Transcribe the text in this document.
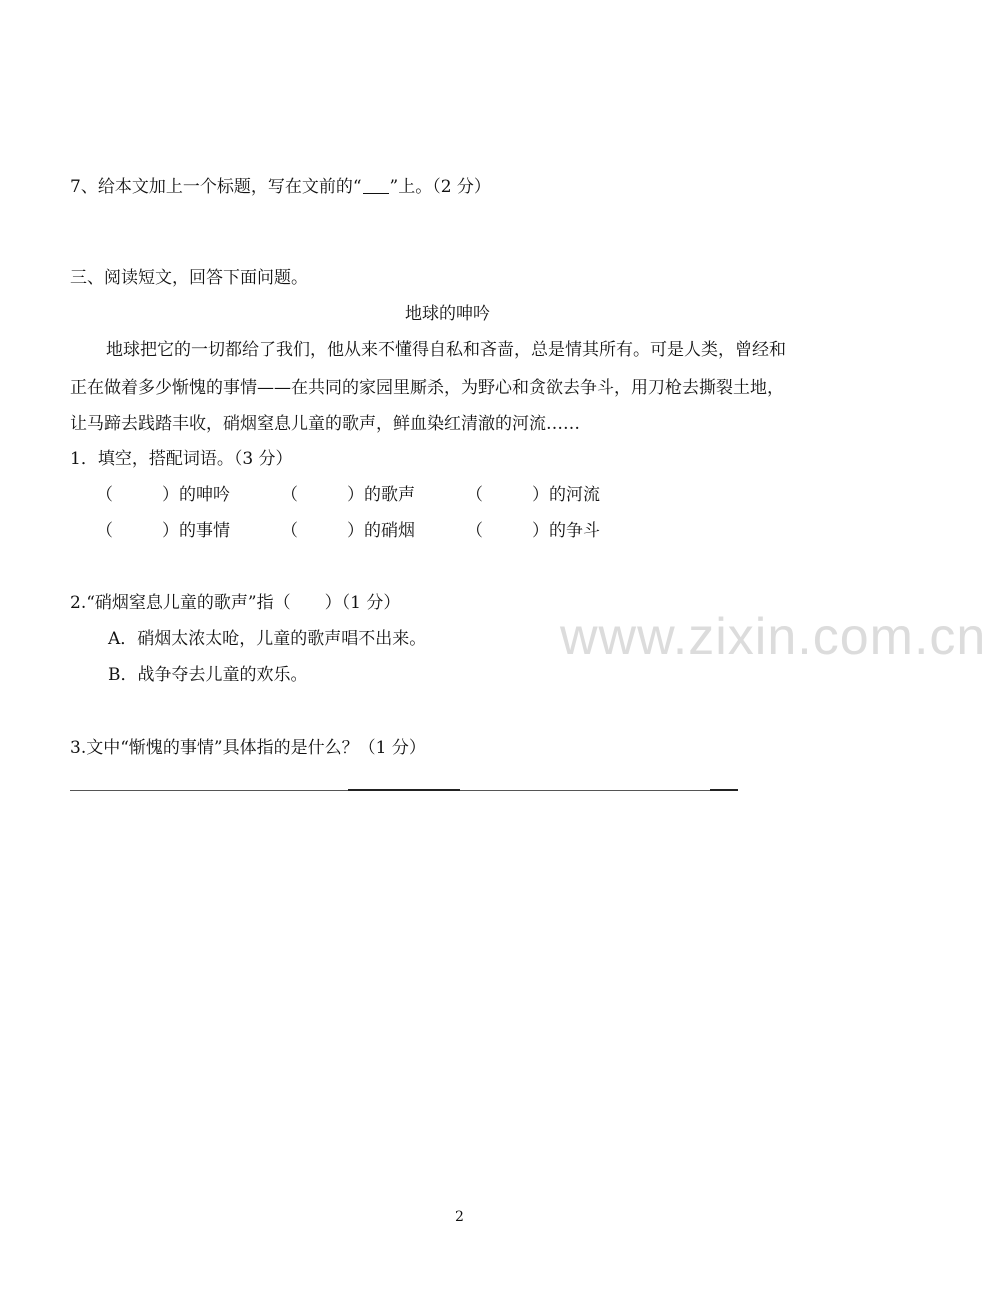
7、给本文加上一个标题，写在文前的“ ”上。（2 分）
三、阅读短文，回答下面问题。
地球的呻吟
地球把它的一切都给了我们，他从来不懂得自私和吝啬，总是情其所有。可是人类，曾经和
正在做着多少惭愧的事情——在共同的家园里厮杀，为野心和贪欲去争斗，用刀枪去撕裂土地，
让马蹄去践踏丰收，硝烟窒息儿童的歌声，鲜血染红清澈的河流……
1．填空，搭配词语。（3 分）
（	）的呻吟	（	）的歌声	（	）的河流
（	）的事情	（	）的硝烟	（	）的争斗
2.“硝烟窒息儿童的歌声”指（　　）（1 分）
A．硝烟太浓太呛，儿童的歌声唱不出来。
B．战争夺去儿童的欢乐。
www.zixin.com.cn
3.文中“惭愧的事情”具体指的是什么？（1 分）
2
